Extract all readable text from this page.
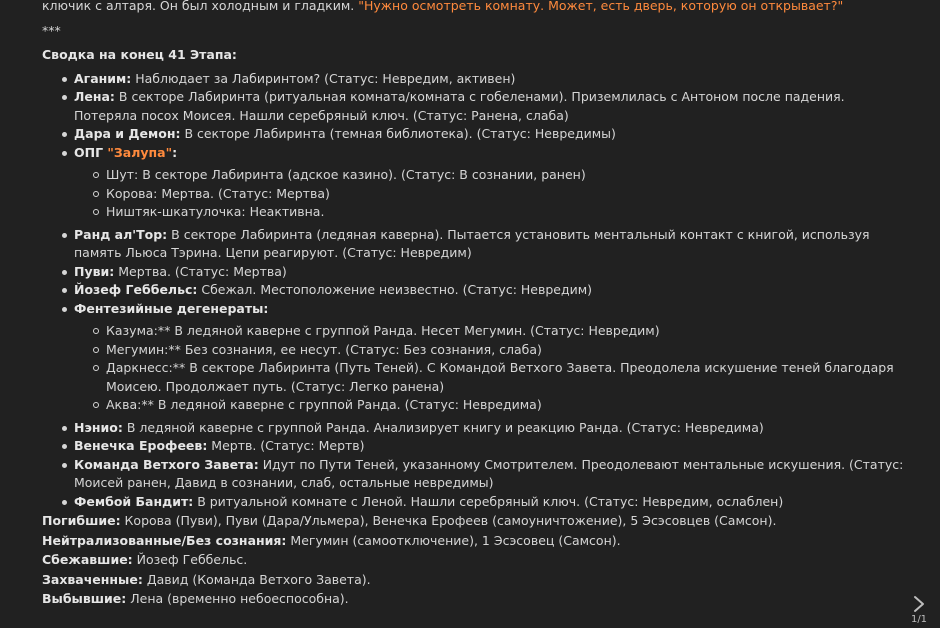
ключик с алтаря. Он был холодным и гладким. "Нужно осмотреть комнату. Может, есть дверь, которую он открывает?"

***

Сводка на конец 41 Этапа:

Аганим: Наблюдает за Лабиринтом? (Статус: Невредим, активен)
Лена: В секторе Лабиринта (ритуальная комната/комната с гобеленами). Приземлилась с Антоном после падения. Потеряла посох Моисея. Нашли серебряный ключ. (Статус: Ранена, слаба)
Дара и Демон: В секторе Лабиринта (темная библиотека). (Статус: Невредимы)
ОПГ "Залупа":
Шут: В секторе Лабиринта (адское казино). (Статус: В сознании, ранен)
Корова: Мертва. (Статус: Мертва)
Ништяк-шкатулочка: Неактивна.
Ранд ал'Тор: В секторе Лабиринта (ледяная каверна). Пытается установить ментальный контакт с книгой, используя память Льюса Тэрина. Цепи реагируют. (Статус: Невредим)
Пуви: Мертва. (Статус: Мертва)
Йозеф Геббельс: Сбежал. Местоположение неизвестно. (Статус: Невредим)
Фентезийные дегенераты:
Казума:** В ледяной каверне с группой Ранда. Несет Мегумин. (Статус: Невредим)
Мегумин:** Без сознания, ее несут. (Статус: Без сознания, слаба)
Даркнесс:** В секторе Лабиринта (Путь Теней). С Командой Ветхого Завета. Преодолела искушение теней благодаря Моисею. Продолжает путь. (Статус: Легко ранена)
Аква:** В ледяной каверне с группой Ранда. (Статус: Невредима)
Нэнио: В ледяной каверне с группой Ранда. Анализирует книгу и реакцию Ранда. (Статус: Невредима)
Венечка Ерофеев: Мертв. (Статус: Мертв)
Команда Ветхого Завета: Идут по Пути Теней, указанному Смотрителем. Преодолевают ментальные искушения. (Статус: Моисей ранен, Давид в сознании, слаб, остальные невредимы)
Фембой Бандит: В ритуальной комнате с Леной. Нашли серебряный ключ. (Статус: Невредим, ослаблен)

Погибшие: Корова (Пуви), Пуви (Дара/Ульмера), Венечка Ерофеев (самоуничтожение), 5 Эсэсовцев (Самсон).

Нейтрализованные/Без сознания: Мегумин (самоотключение), 1 Эсэсовец (Самсон).

Сбежавшие: Йозеф Геббельс.

Захваченные: Давид (Команда Ветхого Завета).

Выбывшие: Лена (временно небоеспособна).

1/1
